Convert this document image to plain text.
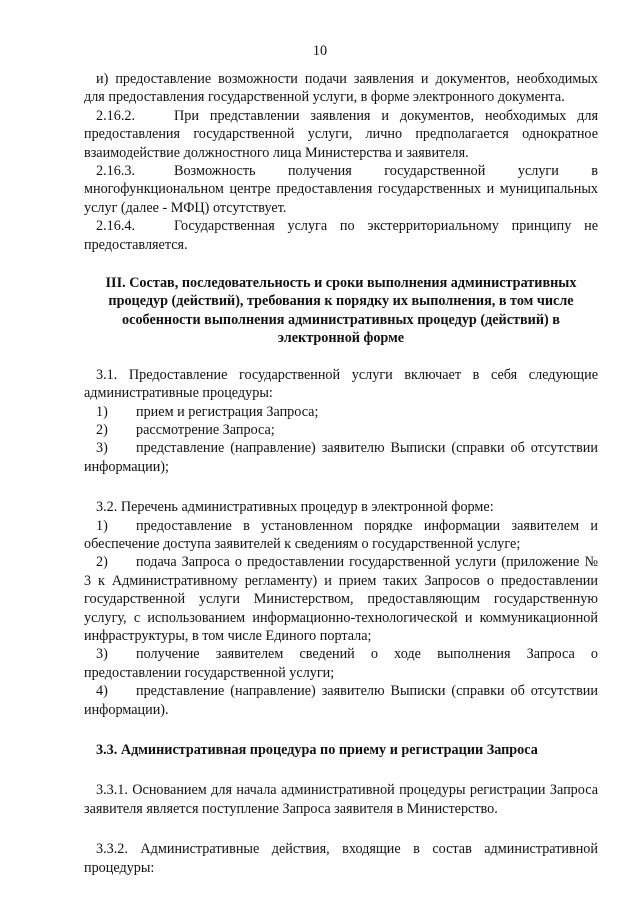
10

и) предоставление возможности подачи заявления и документов, необходимых для предоставления государственной услуги, в форме электронного документа.

2.16.2.	При представлении заявления и документов, необходимых для предоставления государственной услуги, лично предполагается однократное взаимодействие должностного лица Министерства и заявителя.

2.16.3.	Возможность получения государственной услуги в многофункциональном центре предоставления государственных и муниципальных услуг (далее - МФЦ) отсутствует.

2.16.4.	Государственная услуга по экстерриториальному принципу не предоставляется.

III. Состав, последовательность и сроки выполнения административных процедур (действий), требования к порядку их выполнения, в том числе особенности выполнения административных процедур (действий) в электронной форме

3.1. Предоставление государственной услуги включает в себя следующие административные процедуры:

1) прием и регистрация Запроса;

2) рассмотрение Запроса;

3) представление (направление) заявителю Выписки (справки об отсутствии информации);

3.2. Перечень административных процедур в электронной форме:

1) предоставление в установленном порядке информации заявителем и обеспечение доступа заявителей к сведениям о государственной услуге;

2) подача Запроса о предоставлении государственной услуги (приложение № 3 к Административному регламенту) и прием таких Запросов о предоставлении государственной услуги Министерством, предоставляющим государственную услугу, с использованием информационно-технологической и коммуникационной инфраструктуры, в том числе Единого портала;

3) получение заявителем сведений о ходе выполнения Запроса о предоставлении государственной услуги;

4) представление (направление) заявителю Выписки (справки об отсутствии информации).

3.3. Административная процедура по приему и регистрации Запроса

3.3.1. Основанием для начала административной процедуры регистрации Запроса заявителя является поступление Запроса заявителя в Министерство.

3.3.2. Административные действия, входящие в состав административной процедуры:
